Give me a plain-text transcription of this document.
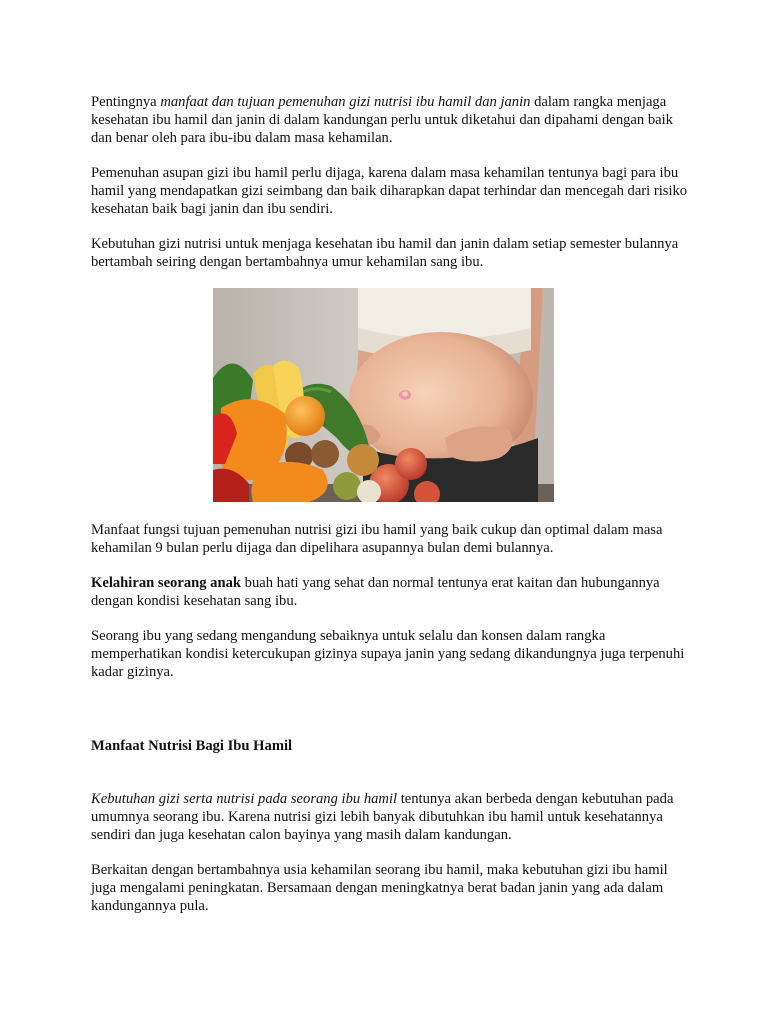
Pentingnya manfaat dan tujuan pemenuhan gizi nutrisi ibu hamil dan janin dalam rangka menjaga kesehatan ibu hamil dan janin di dalam kandungan perlu untuk diketahui dan dipahami dengan baik dan benar oleh para ibu-ibu dalam masa kehamilan.

Pemenuhan asupan gizi ibu hamil perlu dijaga, karena dalam masa kehamilan tentunya bagi para ibu hamil yang mendapatkan gizi seimbang dan baik diharapkan dapat terhindar dan mencegah dari risiko kesehatan baik bagi janin dan ibu sendiri.

Kebutuhan gizi nutrisi untuk menjaga kesehatan ibu hamil dan janin dalam setiap semester bulannya bertambah seiring dengan bertambahnya umur kehamilan sang ibu.

Manfaat fungsi tujuan pemenuhan nutrisi gizi ibu hamil yang baik cukup dan optimal dalam masa kehamilan 9 bulan perlu dijaga dan dipelihara asupannya bulan demi bulannya.

Kelahiran seorang anak buah hati yang sehat dan normal tentunya erat kaitan dan hubungannya dengan kondisi kesehatan sang ibu.

Seorang ibu yang sedang mengandung sebaiknya untuk selalu dan konsen dalam rangka memperhatikan kondisi ketercukupan gizinya supaya janin yang sedang dikandungnya juga terpenuhi kadar gizinya.

Manfaat Nutrisi Bagi Ibu Hamil

Kebutuhan gizi serta nutrisi pada seorang ibu hamil tentunya akan berbeda dengan kebutuhan pada umumnya seorang ibu. Karena nutrisi gizi lebih banyak dibutuhkan ibu hamil untuk kesehatannya sendiri dan juga kesehatan calon bayinya yang masih dalam kandungan.

Berkaitan dengan bertambahnya usia kehamilan seorang ibu hamil, maka kebutuhan gizi ibu hamil juga mengalami peningkatan. Bersamaan dengan meningkatnya berat badan janin yang ada dalam kandungannya pula.
